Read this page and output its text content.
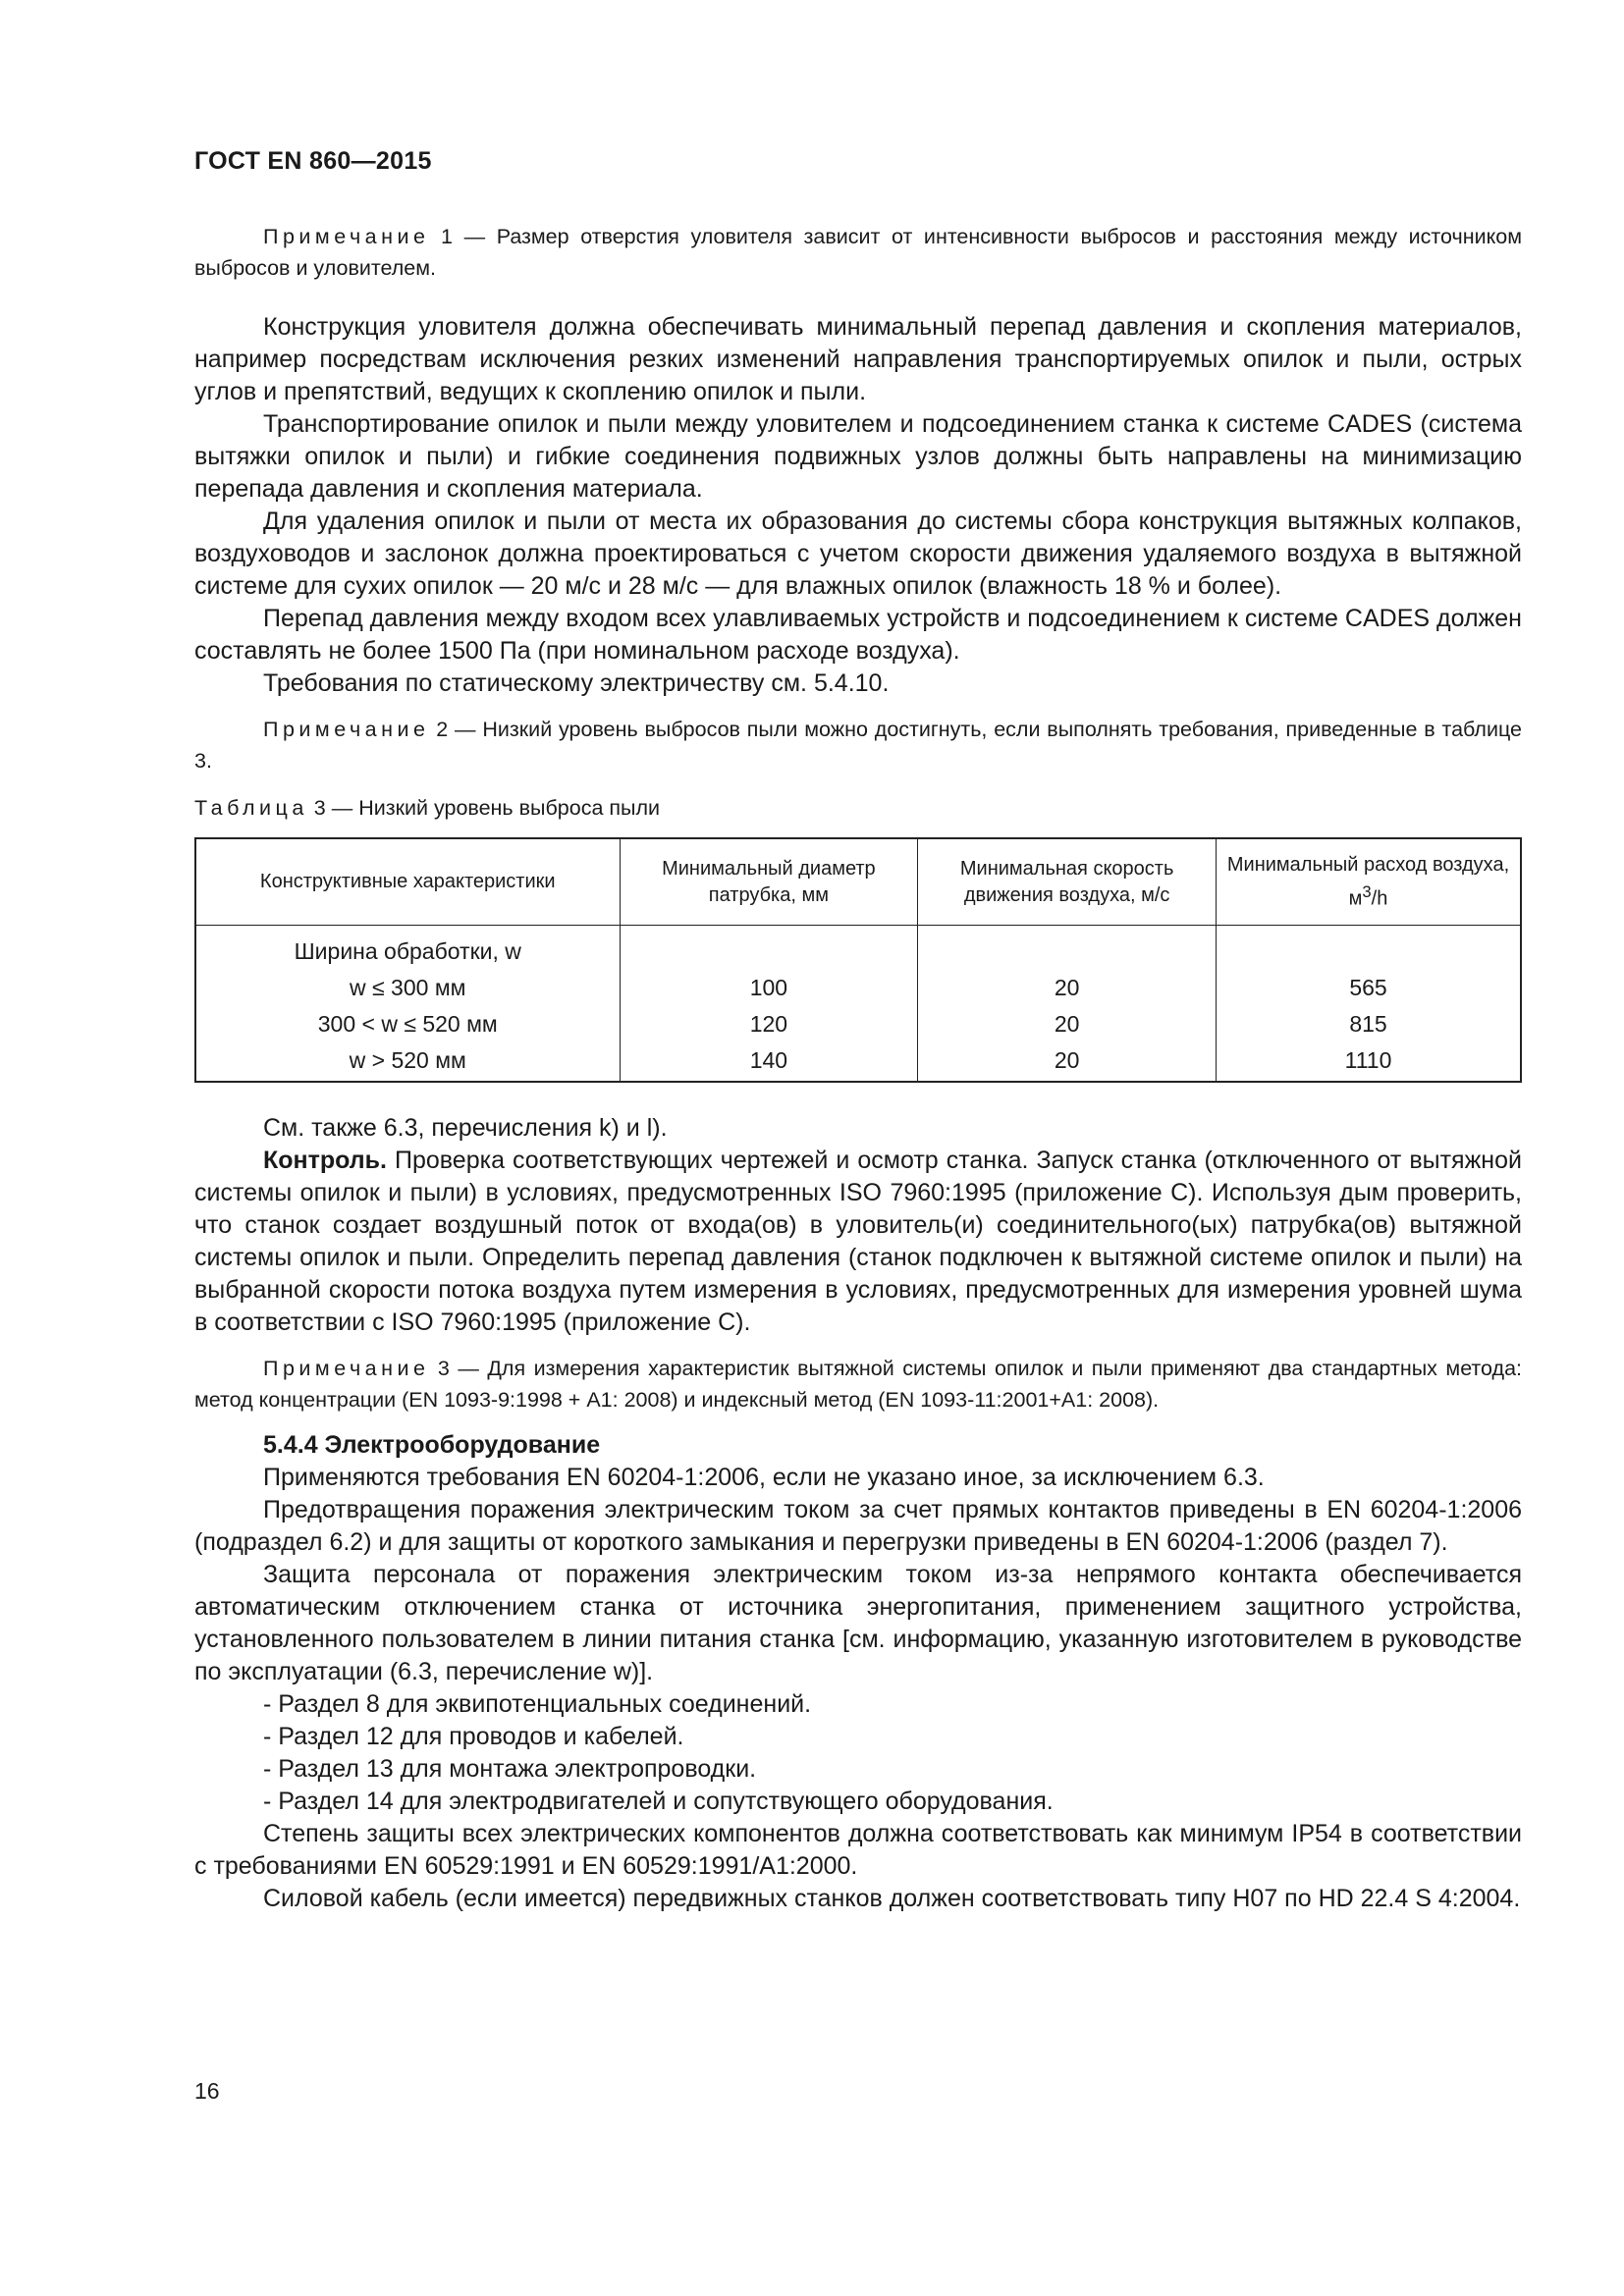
ГОСТ EN 860—2015

Примечание 1 — Размер отверстия уловителя зависит от интенсивности выбросов и расстояния между источником выбросов и уловителем.

Конструкция уловителя должна обеспечивать минимальный перепад давления и скопления материалов, например посредствам исключения резких изменений направления транспортируемых опилок и пыли, острых углов и препятствий, ведущих к скоплению опилок и пыли.

Транспортирование опилок и пыли между уловителем и подсоединением станка к системе CADES (система вытяжки опилок и пыли) и гибкие соединения подвижных узлов должны быть направлены на минимизацию перепада давления и скопления материала.

Для удаления опилок и пыли от места их образования до системы сбора конструкция вытяжных колпаков, воздуховодов и заслонок должна проектироваться с учетом скорости движения удаляемого воздуха в вытяжной системе для сухих опилок — 20 м/с и 28 м/с — для влажных опилок (влажность 18 % и более).

Перепад давления между входом всех улавливаемых устройств и подсоединением к системе CADES должен составлять не более 1500 Па (при номинальном расходе воздуха).

Требования по статическому электричеству см. 5.4.10.

Примечание 2 — Низкий уровень выбросов пыли можно достигнуть, если выполнять требования, приведенные в таблице 3.

Таблица 3 — Низкий уровень выброса пыли
Конструктивные характеристики	Минимальный диаметр патрубка, мм	Минимальная скорость движения воздуха, м/с	Минимальный расход воздуха, $м^3/h$
Ширина обработки, w			
w ≤ 300 мм	100	20	565
300 < w ≤ 520 мм	120	20	815
w > 520 мм	140	20	1110

См. также 6.3, перечисления k) и l).

Контроль. Проверка соответствующих чертежей и осмотр станка. Запуск станка (отключенного от вытяжной системы опилок и пыли) в условиях, предусмотренных ISO 7960:1995 (приложение С). Используя дым проверить, что станок создает воздушный поток от входа(ов) в уловитель(и) соединительного(ых) патрубка(ов) вытяжной системы опилок и пыли. Определить перепад давления (станок подключен к вытяжной системе опилок и пыли) на выбранной скорости потока воздуха путем измерения в условиях, предусмотренных для измерения уровней шума в соответствии с ISO 7960:1995 (приложение С).

Примечание 3 — Для измерения характеристик вытяжной системы опилок и пыли применяют два стандартных метода: метод концентрации (EN 1093-9:1998 + А1: 2008) и индексный метод (EN 1093-11:2001+А1: 2008).

5.4.4 Электрооборудование

Применяются требования EN 60204-1:2006, если не указано иное, за исключением 6.3.

Предотвращения поражения электрическим током за счет прямых контактов приведены в EN 60204-1:2006 (подраздел 6.2) и для защиты от короткого замыкания и перегрузки приведены в EN 60204-1:2006 (раздел 7).

Защита персонала от поражения электрическим током из-за непрямого контакта обеспечивается автоматическим отключением станка от источника энергопитания, применением защитного устройства, установленного пользователем в линии питания станка [см. информацию, указанную изготовителем в руководстве по эксплуатации (6.3, перечисление w)].

- Раздел 8 для эквипотенциальных соединений.
- Раздел 12 для проводов и кабелей.
- Раздел 13 для монтажа электропроводки.
- Раздел 14 для электродвигателей и сопутствующего оборудования.

Степень защиты всех электрических компонентов должна соответствовать как минимум IP54 в соответствии с требованиями EN 60529:1991 и EN 60529:1991/А1:2000.

Силовой кабель (если имеется) передвижных станков должен соответствовать типу Н07 по HD 22.4 S 4:2004.

16
